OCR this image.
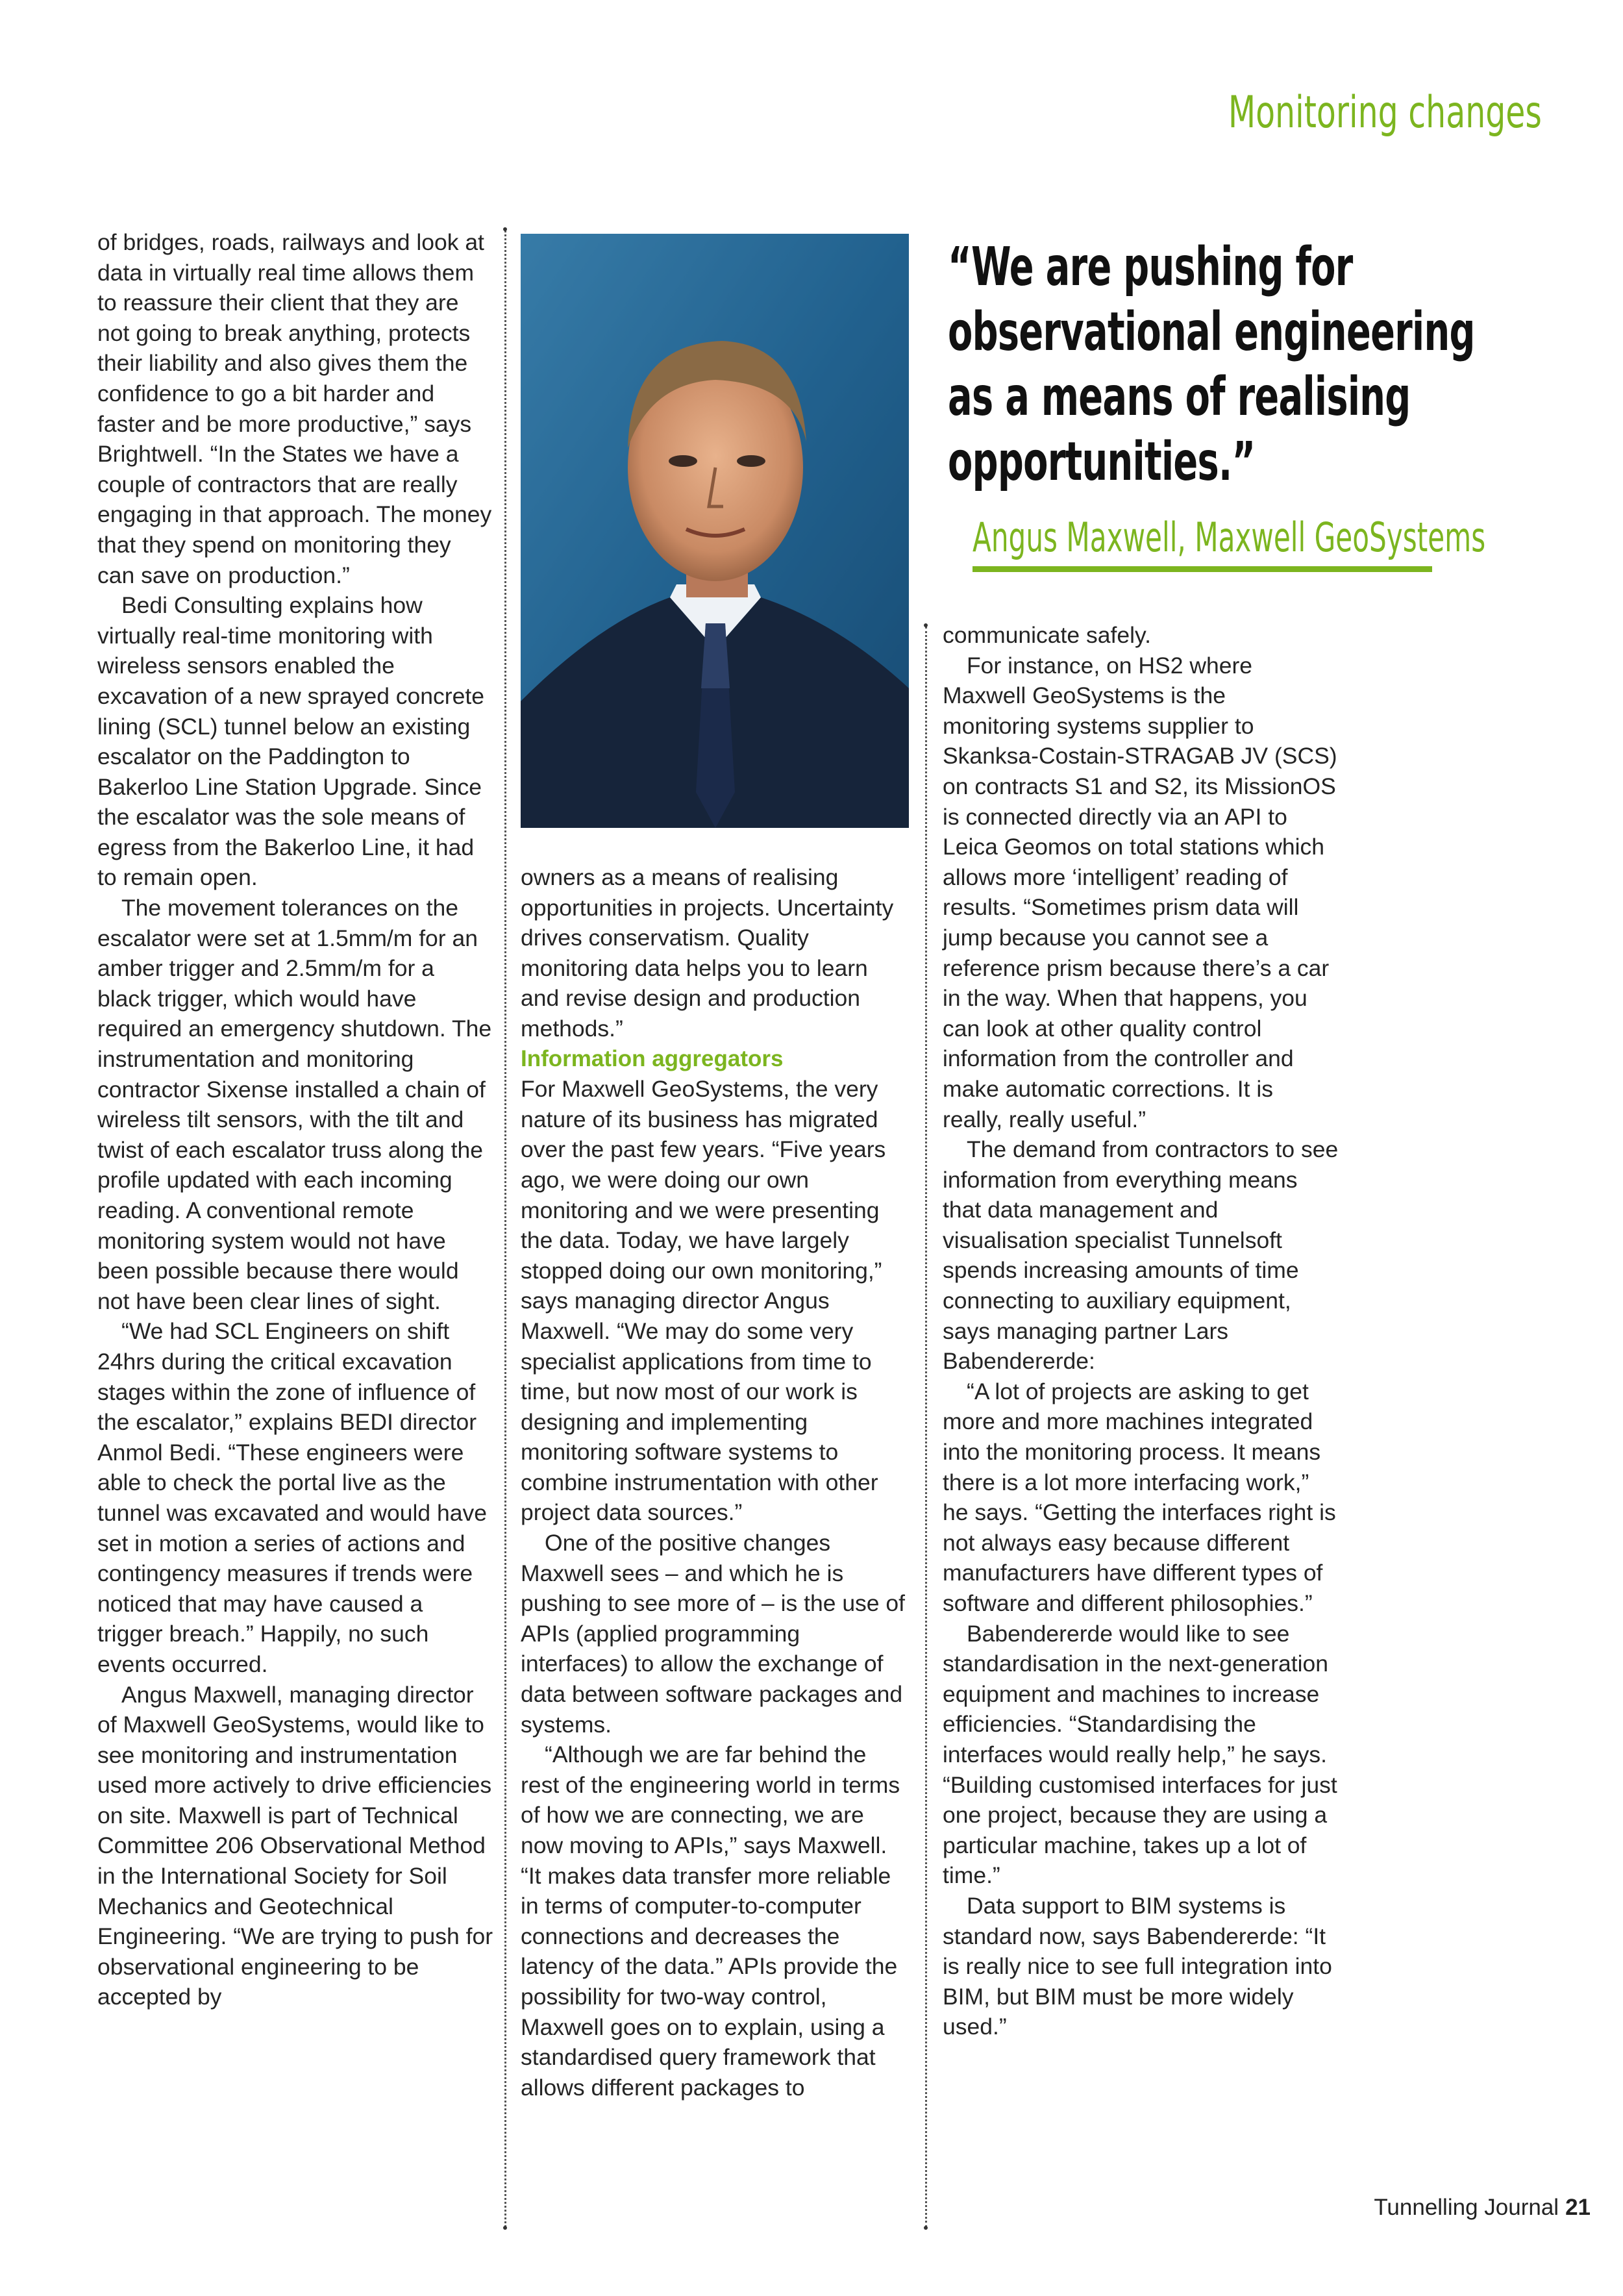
Monitoring changes

of bridges, roads, railways and look at data in virtually real time allows them to reassure their client that they are not going to break anything, protects their liability and also gives them the confidence to go a bit harder and faster and be more productive,” says Brightwell. “In the States we have a couple of contractors that are really engaging in that approach. The money that they spend on monitoring they can save on production.”

Bedi Consulting explains how virtually real-time monitoring with wireless sensors enabled the excavation of a new sprayed concrete lining (SCL) tunnel below an existing escalator on the Paddington to Bakerloo Line Station Upgrade. Since the escalator was the sole means of egress from the Bakerloo Line, it had to remain open.

The movement tolerances on the escalator were set at 1.5mm/m for an amber trigger and 2.5mm/m for a black trigger, which would have required an emergency shutdown. The instrumentation and monitoring contractor Sixense installed a chain of wireless tilt sensors, with the tilt and twist of each escalator truss along the profile updated with each incoming reading. A conventional remote monitoring system would not have been possible because there would not have been clear lines of sight.

“We had SCL Engineers on shift 24hrs during the critical excavation stages within the zone of influence of the escalator,” explains BEDI director Anmol Bedi. “These engineers were able to check the portal live as the tunnel was excavated and would have set in motion a series of actions and contingency measures if trends were noticed that may have caused a trigger breach.” Happily, no such events occurred.

Angus Maxwell, managing director of Maxwell GeoSystems, would like to see monitoring and instrumentation used more actively to drive efficiencies on site. Maxwell is part of Technical Committee 206 Observational Method in the International Society for Soil Mechanics and Geotechnical Engineering. “We are trying to push for observational engineering to be accepted by

owners as a means of realising opportunities in projects. Uncertainty drives conservatism. Quality monitoring data helps you to learn and revise design and production methods.”

Information aggregators

For Maxwell GeoSystems, the very nature of its business has migrated over the past few years. “Five years ago, we were doing our own monitoring and we were presenting the data. Today, we have largely stopped doing our own monitoring,” says managing director Angus Maxwell. “We may do some very specialist applications from time to time, but now most of our work is designing and implementing monitoring software systems to combine instrumentation with other project data sources.”

One of the positive changes Maxwell sees – and which he is pushing to see more of – is the use of APIs (applied programming interfaces) to allow the exchange of data between software packages and systems.

“Although we are far behind the rest of the engineering world in terms of how we are connecting, we are now moving to APIs,” says Maxwell. “It makes data transfer more reliable in terms of computer-to-computer connections and decreases the latency of the data.” APIs provide the possibility for two-way control, Maxwell goes on to explain, using a standardised query framework that allows different packages to

“We are pushing for observational engineering as a means of realising opportunities.”
Angus Maxwell, Maxwell GeoSystems

communicate safely.

For instance, on HS2 where Maxwell GeoSystems is the monitoring systems supplier to Skanksa-Costain-STRAGAB JV (SCS) on contracts S1 and S2, its MissionOS is connected directly via an API to Leica Geomos on total stations which allows more ‘intelligent’ reading of results. “Sometimes prism data will jump because you cannot see a reference prism because there’s a car in the way. When that happens, you can look at other quality control information from the controller and make automatic corrections. It is really, really useful.”

The demand from contractors to see information from everything means that data management and visualisation specialist Tunnelsoft spends increasing amounts of time connecting to auxiliary equipment, says managing partner Lars Babendererde:

“A lot of projects are asking to get more and more machines integrated into the monitoring process. It means there is a lot more interfacing work,” he says. “Getting the interfaces right is not always easy because different manufacturers have different types of software and different philosophies.”

Babendererde would like to see standardisation in the next-generation equipment and machines to increase efficiencies. “Standardising the interfaces would really help,” he says. “Building customised interfaces for just one project, because they are using a particular machine, takes up a lot of time.”

Data support to BIM systems is standard now, says Babendererde: “It is really nice to see full integration into BIM, but BIM must be more widely used.”

Tunnelling Journal 21
